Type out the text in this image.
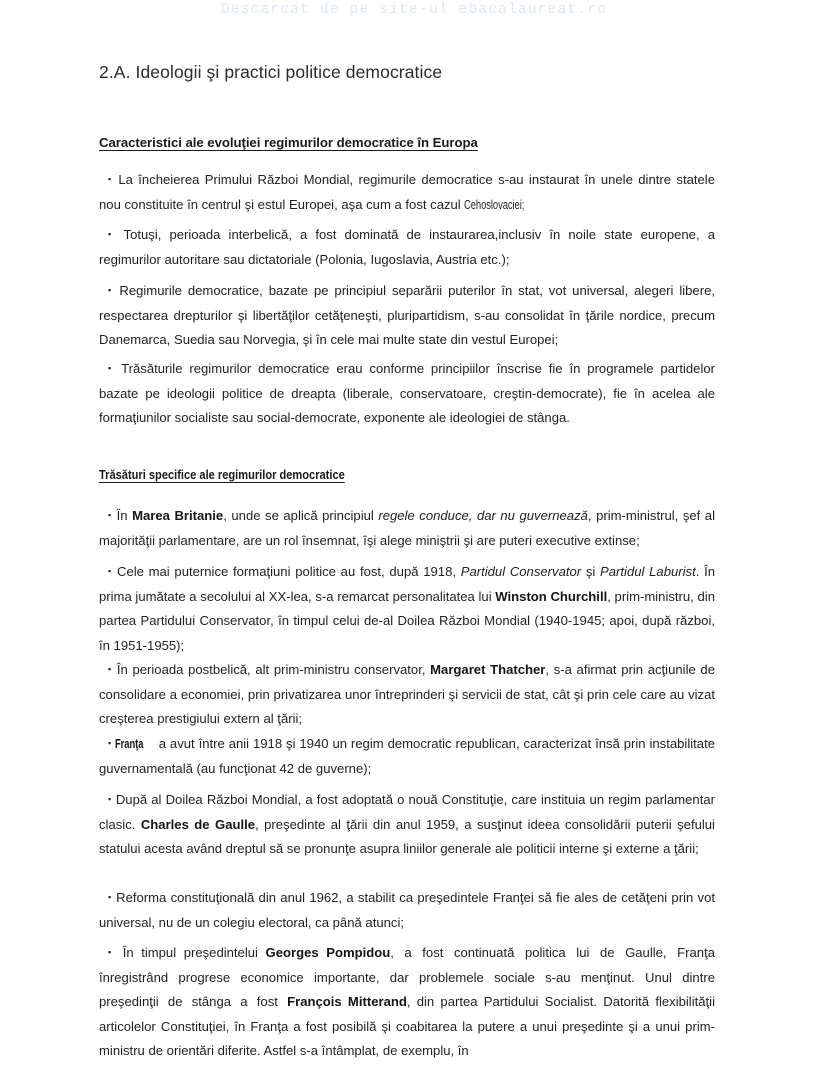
Descarcat de pe site-ul ebacalaureat.ro
2.A. Ideologii şi practici politice democratice
Caracteristici ale evoluţiei regimurilor democratice în Europa

▪ La încheierea Primului Război Mondial, regimurile democratice s-au instaurat în unele dintre statele nou constituite în centrul şi estul Europei, aşa cum a fost cazul Cehoslovaciei;

▪ Totuşi, perioada interbelică, a fost dominată de instaurarea,inclusiv în noile state europene, a regimurilor autoritare sau dictatoriale (Polonia, Iugoslavia, Austria etc.);

▪ Regimurile democratice, bazate pe principiul separării puterilor în stat, vot universal, alegeri libere, respectarea drepturilor şi libertăţilor cetăţeneşti, pluripartidism, s-au consolidat în ţările nordice, precum Danemarca, Suedia sau Norvegia, şi în cele mai multe state din vestul Europei;

▪ Trăsăturile regimurilor democratice erau conforme principiilor înscrise fie în programele partidelor bazate pe ideologii politice de dreapta (liberale, conservatoare, creştin-democrate), fie în acelea ale formaţiunilor socialiste sau social-democrate, exponente ale ideologiei de stânga.

Trăsături specifice ale regimurilor democratice

▪ În Marea Britanie, unde se aplică principiul regele conduce, dar nu guvernează, prim-ministrul, şef al majorităţii parlamentare, are un rol însemnat, îşi alege miniştrii şi are puteri executive extinse;

▪ Cele mai puternice formaţiuni politice au fost, după 1918, Partidul Conservator şi Partidul Laburist. În prima jumătate a secolului al XX-lea, s-a remarcat personalitatea lui Winston Churchill, prim-ministru, din partea Partidului Conservator, în timpul celui de-al Doilea Război Mondial (1940-1945; apoi, după război, în 1951-1955);

▪ În perioada postbelică, alt prim-ministru conservator, Margaret Thatcher, s-a afirmat prin acţiunile de consolidare a economiei, prin privatizarea unor întreprinderi şi servicii de stat, cât şi prin cele care au vizat creşterea prestigiului extern al ţării;

▪ Franţa a avut între anii 1918 şi 1940 un regim democratic republican, caracterizat însă prin instabilitate guvernamentală (au funcţionat 42 de guverne);

▪ După al Doilea Război Mondial, a fost adoptată o nouă Constituţie, care instituia un regim parlamentar clasic. Charles de Gaulle, preşedinte al ţării din anul 1959, a susţinut ideea consolidării puterii şefului statului acesta având dreptul să se pronunţe asupra liniilor generale ale politicii interne şi externe a ţării;

▪ Reforma constituţională din anul 1962, a stabilit ca preşedintele Franţei să fie ales de cetăţeni prin vot universal, nu de un colegiu electoral, ca până atunci;

▪ În timpul preşedintelui Georges Pompidou, a fost continuată politica lui de Gaulle, Franţa înregistrând progrese economice importante, dar problemele sociale s-au menţinut. Unul dintre preşedinţii de stânga a fost François Mitterand, din partea Partidului Socialist. Datorită flexibilităţii articolelor Constituţiei, în Franţa a fost posibilă şi coabitarea la putere a unui preşedinte şi a unui prim-ministru de orientări diferite. Astfel s-a întâmplat, de exemplu, în
